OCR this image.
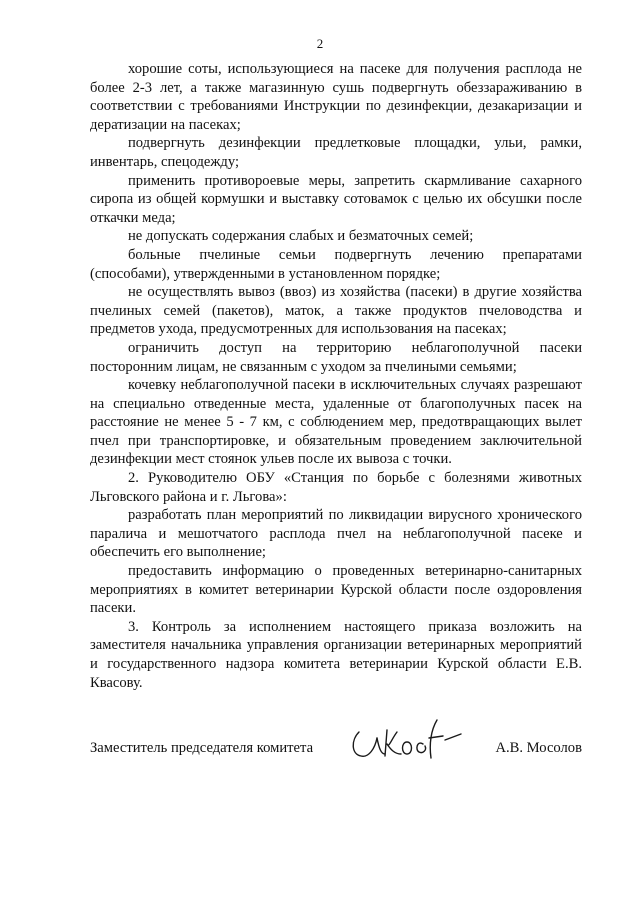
2

хорошие соты, использующиеся на пасеке для получения расплода не более 2-3 лет, а также магазинную сушь подвергнуть обеззараживанию в соответствии с требованиями Инструкции по дезинфекции, дезакаризации и дератизации на пасеках;

подвергнуть дезинфекции предлетковые площадки, ульи, рамки, инвентарь, спецодежду;

применить противороевые меры, запретить скармливание сахарного сиропа из общей кормушки и выставку сотовамок с целью их обсушки после откачки меда;

не допускать содержания слабых и безматочных семей;

больные пчелиные семьи подвергнуть лечению препаратами (способами), утвержденными в установленном порядке;

не осуществлять вывоз (ввоз) из хозяйства (пасеки) в другие хозяйства пчелиных семей (пакетов), маток, а также продуктов пчеловодства и предметов ухода, предусмотренных для использования на пасеках;

ограничить доступ на территорию неблагополучной пасеки посторонним лицам, не связанным с уходом за пчелиными семьями;

кочевку неблагополучной пасеки в исключительных случаях разрешают на специально отведенные места, удаленные от благополучных пасек на расстояние не менее 5 - 7 км, с соблюдением мер, предотвращающих вылет пчел при транспортировке, и обязательным проведением заключительной дезинфекции мест стоянок ульев после их вывоза с точки.

2. Руководителю ОБУ «Станция по борьбе с болезнями животных Льговского района и г. Льгова»:

разработать план мероприятий по ликвидации вирусного хронического паралича и мешотчатого расплода пчел на неблагополучной пасеке и обеспечить его выполнение;

предоставить информацию о проведенных ветеринарно-санитарных мероприятиях в комитет ветеринарии Курской области после оздоровления пасеки.

3. Контроль за исполнением настоящего приказа возложить на заместителя начальника управления организации ветеринарных мероприятий и государственного надзора комитета ветеринарии Курской области Е.В. Квасову.

Заместитель председателя комитета	А.В. Мосолов
